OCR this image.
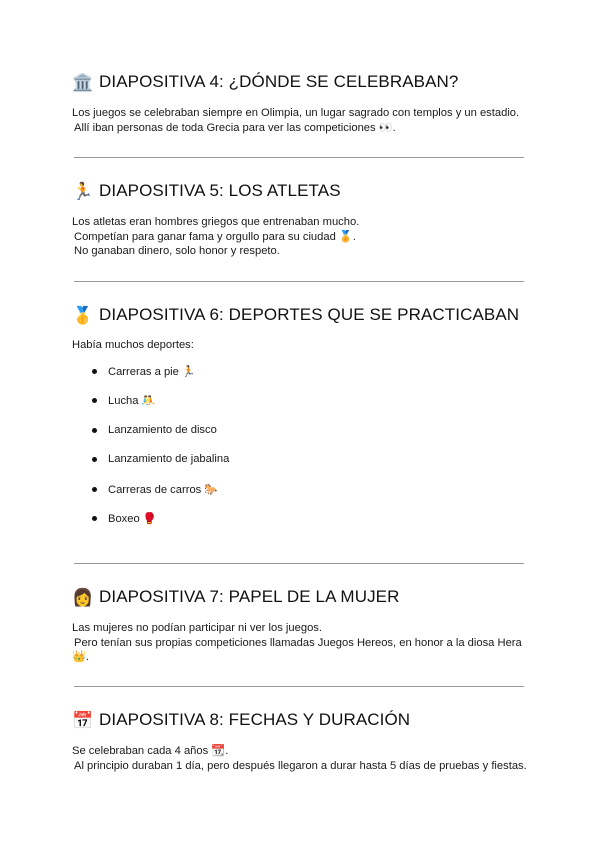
🏛️ DIAPOSITIVA 4: ¿DÓNDE SE CELEBRABAN?
Los juegos se celebraban siempre en Olimpia, un lugar sagrado con templos y un estadio.
Allí iban personas de toda Grecia para ver las competiciones 👀.
🏃 DIAPOSITIVA 5: LOS ATLETAS
Los atletas eran hombres griegos que entrenaban mucho.
Competían para ganar fama y orgullo para su ciudad 🏅.
No ganaban dinero, solo honor y respeto.
🥇 DIAPOSITIVA 6: DEPORTES QUE SE PRACTICABAN
Había muchos deportes:
Carreras a pie 🏃
Lucha 🤼
Lanzamiento de disco
Lanzamiento de jabalina
Carreras de carros 🐎
Boxeo 🥊
👩 DIAPOSITIVA 7: PAPEL DE LA MUJER
Las mujeres no podían participar ni ver los juegos.
Pero tenían sus propias competiciones llamadas Juegos Hereos, en honor a la diosa Hera
👑.
📅 DIAPOSITIVA 8: FECHAS Y DURACIÓN
Se celebraban cada 4 años 📆.
Al principio duraban 1 día, pero después llegaron a durar hasta 5 días de pruebas y fiestas.
